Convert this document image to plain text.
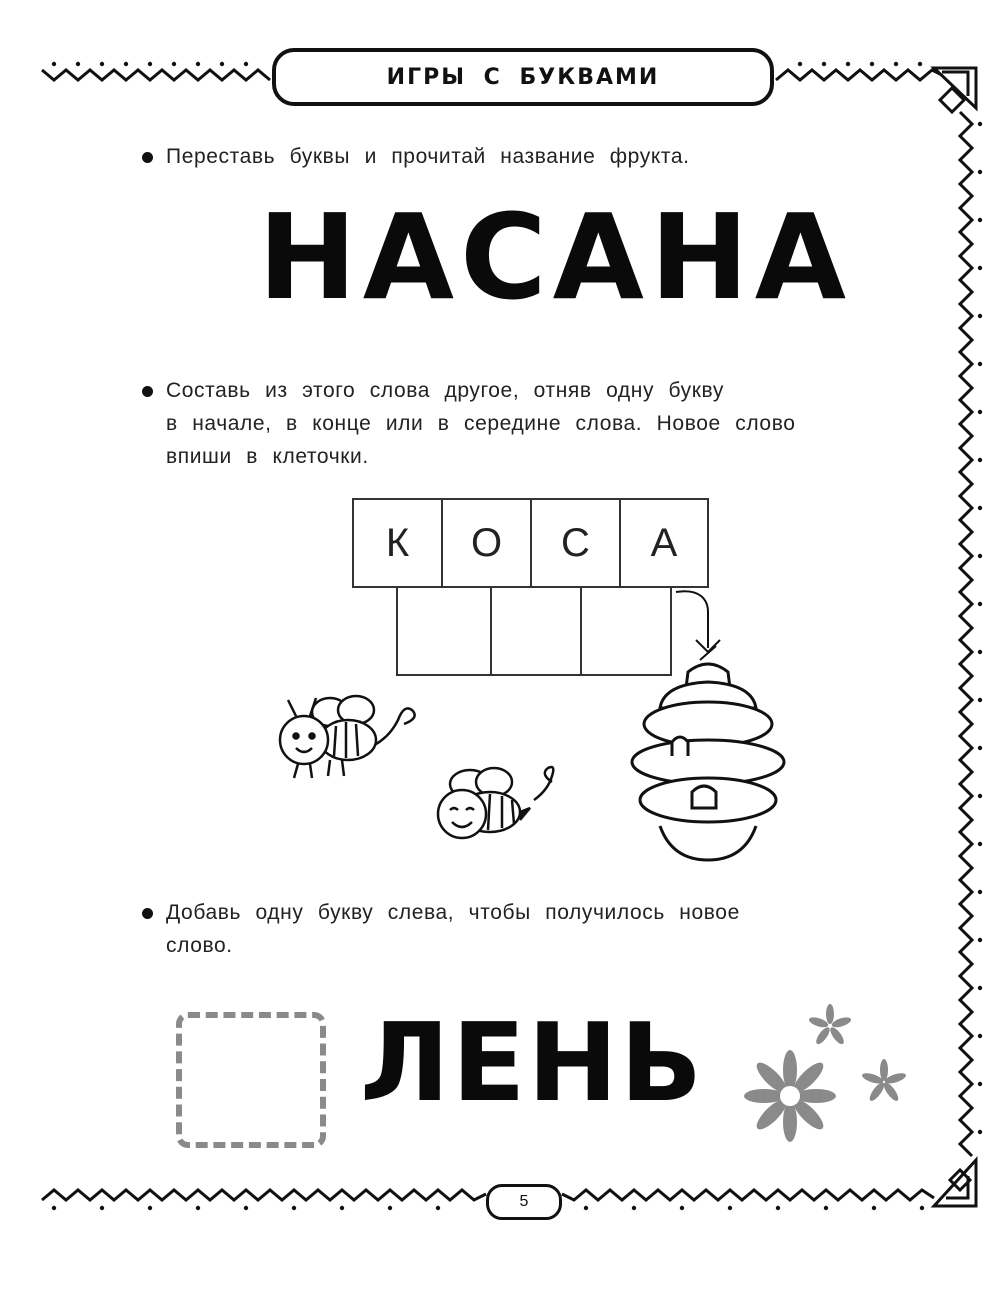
ИГРЫ С БУКВАМИ
Переставь буквы и прочитай название фрукта.
НАСАНА
Составь из этого слова другое, отняв одну букву
в начале, в конце или в середине слова. Новое слово
впиши в клеточки.
К	О	С	А
Добавь одну букву слева, чтобы получилось новое
слово.
ЛЕНЬ
5
